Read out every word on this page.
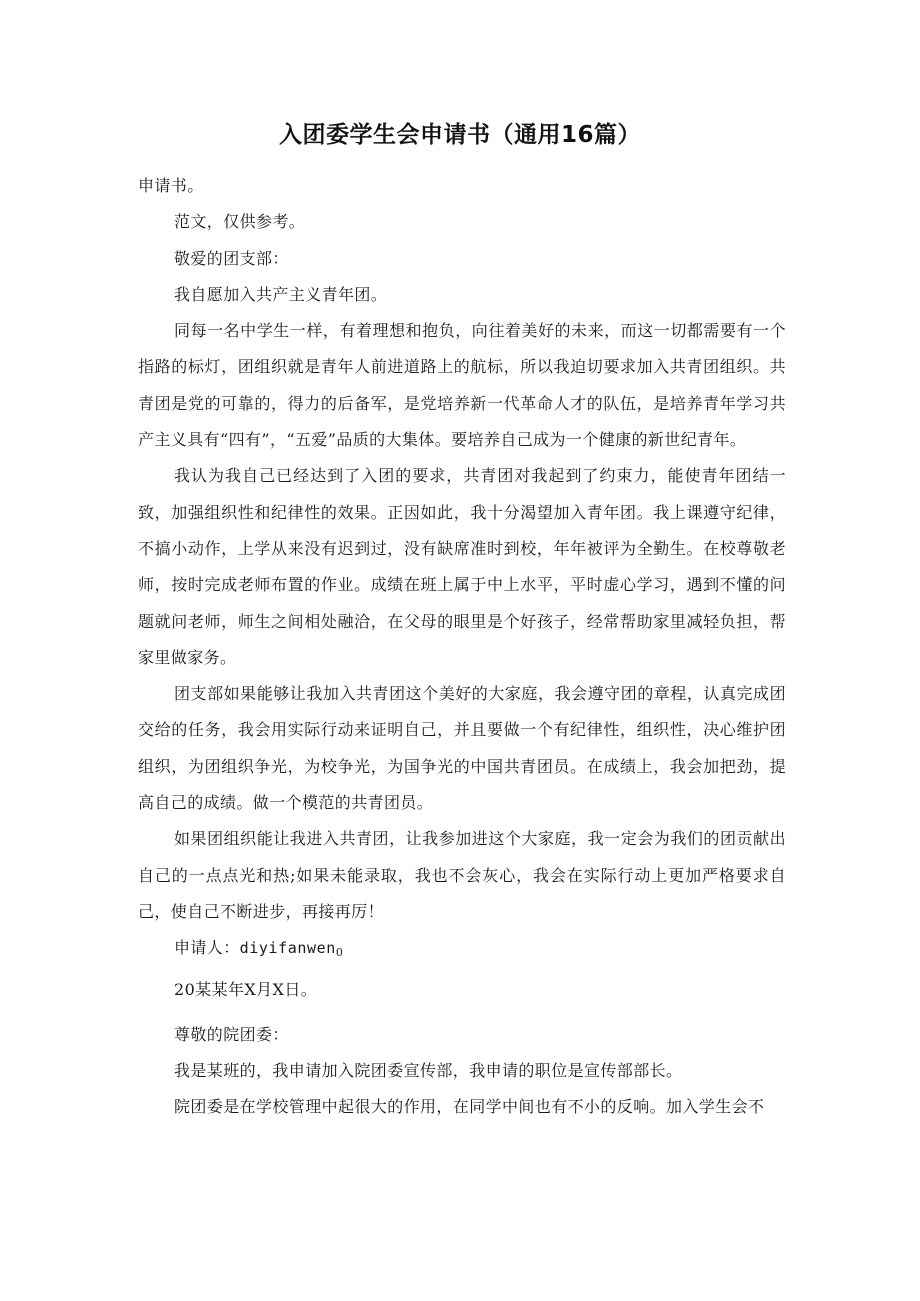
入团委学生会申请书（通用16篇）

申请书。

范文，仅供参考。

敬爱的团支部：

我自愿加入共产主义青年团。

同每一名中学生一样，有着理想和抱负，向往着美好的未来，而这一切都需要有一个指路的标灯，团组织就是青年人前进道路上的航标，所以我迫切要求加入共青团组织。共青团是党的可靠的，得力的后备军，是党培养新一代革命人才的队伍，是培养青年学习共产主义具有“四有”，“五爱”品质的大集体。要培养自己成为一个健康的新世纪青年。

我认为我自己已经达到了入团的要求，共青团对我起到了约束力，能使青年团结一致，加强组织性和纪律性的效果。正因如此，我十分渴望加入青年团。我上课遵守纪律，不搞小动作，上学从来没有迟到过，没有缺席准时到校，年年被评为全勤生。在校尊敬老师，按时完成老师布置的作业。成绩在班上属于中上水平，平时虚心学习，遇到不懂的问题就问老师，师生之间相处融洽，在父母的眼里是个好孩子，经常帮助家里减轻负担，帮家里做家务。

团支部如果能够让我加入共青团这个美好的大家庭，我会遵守团的章程，认真完成团交给的任务，我会用实际行动来证明自己，并且要做一个有纪律性，组织性，决心维护团组织，为团组织争光，为校争光，为国争光的中国共青团员。在成绩上，我会加把劲，提高自己的成绩。做一个模范的共青团员。

如果团组织能让我进入共青团，让我参加进这个大家庭，我一定会为我们的团贡献出自己的一点点光和热;如果未能录取，我也不会灰心，我会在实际行动上更加严格要求自己，使自己不断进步，再接再厉！

申请人：diyifanwen$_0$

20某某年X月X日。

尊敬的院团委：

我是某班的，我申请加入院团委宣传部，我申请的职位是宣传部部长。

院团委是在学校管理中起很大的作用，在同学中间也有不小的反响。加入学生会不
